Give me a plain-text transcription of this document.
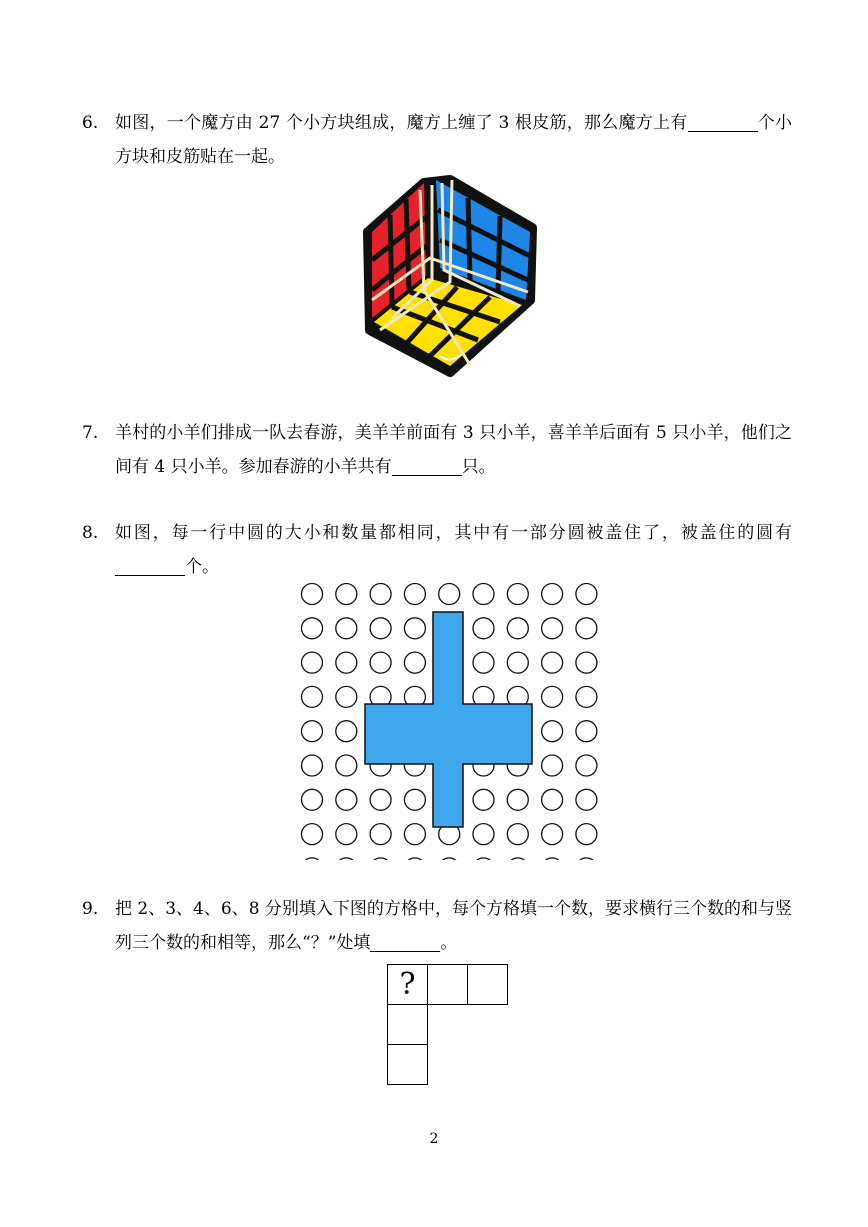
6. 如图，一个魔方由 27 个小方块组成，魔方上缠了 3 根皮筋，那么魔方上有	个小方块和皮筋贴在一起。
7. 羊村的小羊们排成一队去春游，美羊羊前面有 3 只小羊，喜羊羊后面有 5 只小羊，他们之间有 4 只小羊。参加春游的小羊共有	只。
8. 如图，每一行中圆的大小和数量都相同，其中有一部分圆被盖住了，被盖住的圆有个。
9. 把 2、3、4、6、8 分别填入下图的方格中，每个方格填一个数，要求横行三个数的和与竖列三个数的和相等，那么“？”处填	。
?
2
